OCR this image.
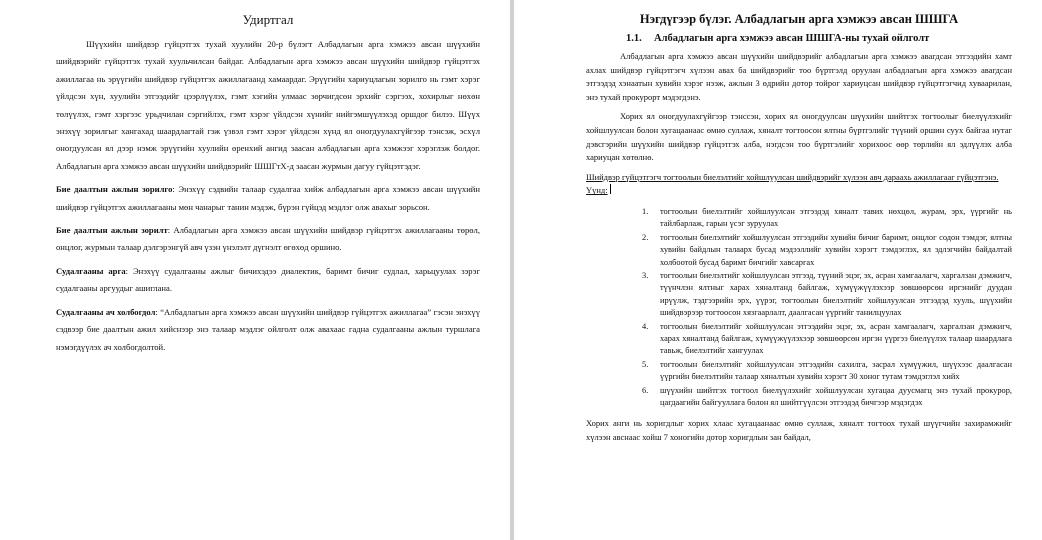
Удиртгал
Шүүхийн шийдвэр гүйцэтгэх тухай хуулийн 20-р бүлэгт Албадлагын арга хэмжээ авсан шүүхийн шийдвэрийг гүйцэтгэх тухай хуульчилсан байдаг. Албадлагын арга хэмжээ авсан шүүхийн шийдвэр гүйцэтгэх ажиллагаа нь эрүүгийн шийдвэр гүйцэтгэх ажиллагаанд хамаардаг. Эрүүгийн хариуцлагын зорилго нь гэмт хэрэг үйлдсэн хүн, хуулийн этгээдийг цээрлүүлэх, гэмт хэгийн улмаас зөрчигдсөн эрхийг сэргээх, хохирлыг нөхөн төлүүлэх, гэмт хэргээс урьдчилан сэргийлэх, гэмт хэрэг үйлдсэн хүнийг нийгэмшүүлэхэд оршдог билээ. Шүүх энэхүү зорилгыг хангахад шаардлагтай гэж үзвэл гэмт хэрэг үйлдсэн хүнд ял оногдуулахгүйгээр тэнсэж, эсхүл оногдуулсан ял дээр нэмж эрүүгийн хуулийн өренхий ангид заасан албадлагын арга хэмжээг хэрэглэж болдог. Албадлагын арга хэмжээ авсан шүүхийн шийдвэрийг ШШГтХ-д заасан журмын дагуу гүйцэтгэдэг.
Бие даалтын ажлын зорилго: Энэхүү сэдвийн талаар судалгаа хийж албадлагын арга хэмжээ авсан шүүхийн шийдвэр гүйцэтгэх ажиллагааны мөн чанарыг танин мэдэж, бүрэн гүйцэд мэдлэг олж авахыг зорьсон.
Бие даалтын ажлын зорилт: Албадлагын арга хэмжээ авсан шүүхийн шийдвэр гүйцэтгэх ажиллагааны төрөл, онцлог, журмын талаар дэлгэрэнгүй авч үзэн үнэлэлт дүгнэлт өгөхөд оршино.
Судалгааны арга: Энэхүү судалгааны ажлыг бичихэдээ диалектик, баримт бичиг судлал, харьцуулах зэрэг судалгааны аргуудыг ашиглана.
Судалгааны ач холбогдол: “Албадлагын арга хэмжээ авсан шүүхийн шийдвэр гүйцэтгэх ажиллагаа” гэсэн энэхүү сэдвээр бие даалтын ажил хийснээр энэ талаар мэдлэг ойлголт олж авахаас гадна судалгааны ажлын туршлага нэмэгдүүлэх ач холбогдолтой.
Нэгдүгээр бүлэг. Албадлагын арга хэмжээ авсан ШШГА
1.1. Албадлагын арга хэмжээ авсан ШШГА-ны тухай ойлголт
Албадлагын арга хэмжээ авсан шүүхийн шийдвэрийг албадлагын арга хэмжээ авагдсан этгээдийн хамт ахлах шийдвэр гүйцэтгэгч хүлээн авах ба шийдвэрийг тоо бүртгэлд оруулан албадлагын арга хэмжээ авагдсан этгээдэд хэнаатын хувийн хэрэг нээж, ажлын 3 өдрийн дотор тойрог хариуцсан шийдвэр гүйцэтгэгчид хуваарилан, энэ тухай прокурорт мэдэгдэнэ.
Хорих ял оногдуулахгүйгээр тэнссэн, хорих ял оногдуулсан шүүхийн шийтгэх тогтоолыг биелүүлэхийг хойшлуулсан болон хугацаанаас өмнө суллаж, хяналт тогтоосон ялтны бүртгэлийг түүний оршин суух байгаа нутаг дэвсгэрийн шүүхийн шийдвэр гүйцэтгэх алба, нэгдсэн тоо бүртгэлийг хорихоос өөр төрлийн ял эдлүүлэх алба хариуцан хөтөлнө.
Шийдвэр гүйцэтгэгч тогтоолын биелэлтийг хойшлуулсан шийдвэрийг хүлээн авч дараахь ажиллагааг гүйцэтгэнэ. Үүнд:
1. тогтоолын биелэлтийг хойшлуулсан этгээдэд хяналт тавих нөхцөл, журам, эрх, үүргийг нь тайлбарлаж, гарын үсэг зуруулах
2. тогтоолын биелэлтийг хойшлуулсан этгээдийн хувийн бичиг баримт, онцлог содон тэмдэг, ялтны хувийн байдлын талаарх бусад мэдээллийг хувийн хэрэгт тэмдэглэх, ял эдлэгчийн байдалтай холбоотой бусад баримт бичгийг хавсаргах
3. тогтоолын биелэлтийг хойшлуулсан этгээд, түүний эцэг, эх, асран хамгаалагч, харгалзан дэмжигч, түүнчлэн ялтныг харах хяналтанд байлгаж, хүмүүжүүлэхээр зөвшөөрсөн иргэнийг дуудан ирүүлж, тэдгээрийн эрх, үүрэг, тогтоолын биелэлтийг хойшлуулсан этгээдэд хууль, шүүхийн шийдвэрээр тогтоосон хязгаарлалт, даалгасан үүргийг танилцуулах
4. тогтоолын биелэлтийг хойшлуулсан этгээдийн эцэг, эх, асран хамгаалагч, харгалзан дэмжигч, харах хяналтанд байлгаж, хүмүүжүүлэхээр зөвшөөрсөн иргэн үүргээ биелүүлэх талаар шаардлага тавьж, биелэлтийг хангуулах
5. тогтоолын биелэлтийг хойшлуулсан этгээдийн сахилга, засрал хүмүүжил, шүүхээс даалгасан үүргийн биелэлтийн талаар хяналтын хувийн хэрэгт 30 хоног тутам тэмдэглэл хийх
6. шүүхийн шийтгэх тогтоол биелүүлэхийг хойшлуулсан хугацаа дуусмагц энэ тухай прокурор, цагдаагийн байгууллага болон ял шийтгүүлсэн этгээдэд бичгээр мэдэгдэх
Хорих анги нь хоригдлыг хорих хлаас хугацаанаас өмнө суллаж, хяналт тогтоох тухай шүүгчийн захирамжийг хүлээн авснаас хойш 7 хоногийн дотор хоригдлын зан байдал,
